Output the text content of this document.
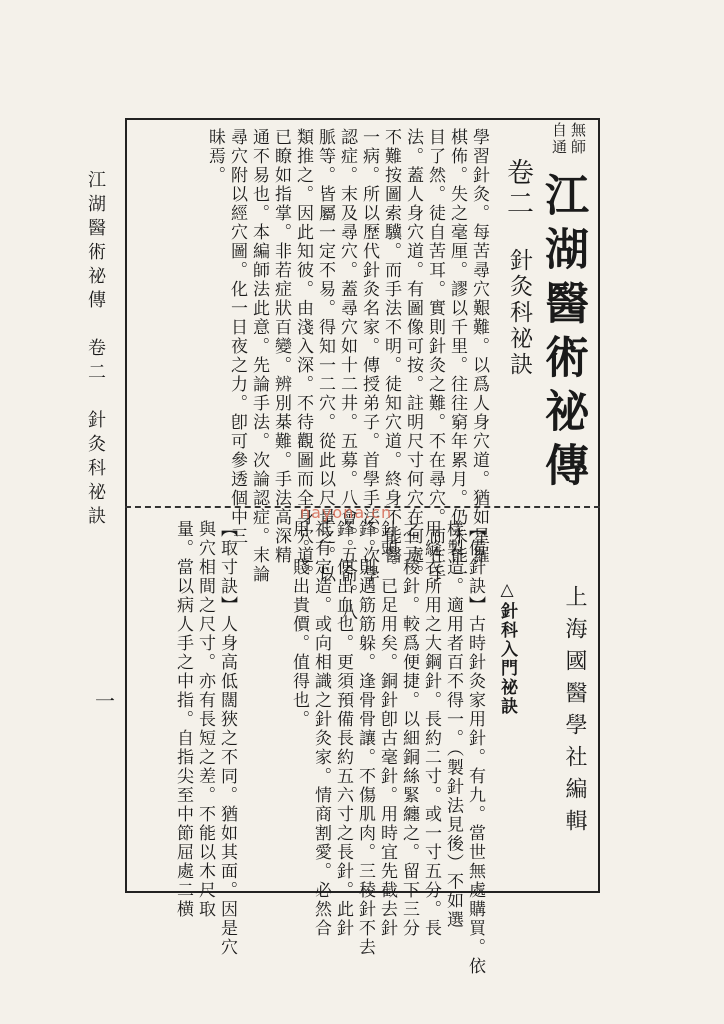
江湖醫術祕傳　卷二　針灸科祕訣
一
無師
自通
江湖醫術祕傳
卷二
針灸科祕訣
學習針灸。每苦尋穴艱難。以爲人身穴道。猶如星羅
棋佈。失之毫厘。謬以千里。往往窮年累月。仍未能一
目了然。徒自苦耳。實則針灸之難。不在尋穴。而在手
法。蓋人身穴道。有圖像可按。註明尺寸何穴在何處。
不難按圖索驥。而手法不明。徒知穴道。終身不能醫
一病。所以歷代針灸名家。傳授弟子。首學手法。次學
認症。末及尋穴。蓋尋穴如十二井。五募。八會。五俞。八
脈等。皆屬一定不易。得知一二穴。從此以尺量之。以
類推之。因此知彼。由淺入深。不待觀圖而全身穴道。
已瞭如指掌。非若症狀百變。辨別棊難。手法高深精
通不易也。本編師法此意。先論手法。次論認症。末論
尋穴附以經穴圖。化一日夜之力。卽可參透個中三
昧焉。
上海國醫學社編輯
△針科入門祕訣
【備針訣】古時針灸家用針。有九。當世無處購買。依
樣製造。適用者百不得一。（製針法見後）不如選
用縫衣所用之大鋼針。長約二寸。或一寸五分。長
之三稜針。較爲便捷。以細銅絲緊纏之。留下三分
針頭。已足用矣。銅針卽古毫針。用時宜先截去針
鋒。則遇筋筋躲。逢骨骨讓。不傷肌肉。三稜針不去
鋒。便出血也。更須預備長約五六寸之長針。此針
祗有定造。或向相識之針灸家。情商割愛。必然合
用。賤出貴價。值得也。
【取寸訣】人身高低闊狹之不同。猶如其面。因是穴
與穴相間之尺寸。亦有長短之差。不能以木尺取
量。當以病人手之中指。自指尖至中節屈處二横
nayona.cn
